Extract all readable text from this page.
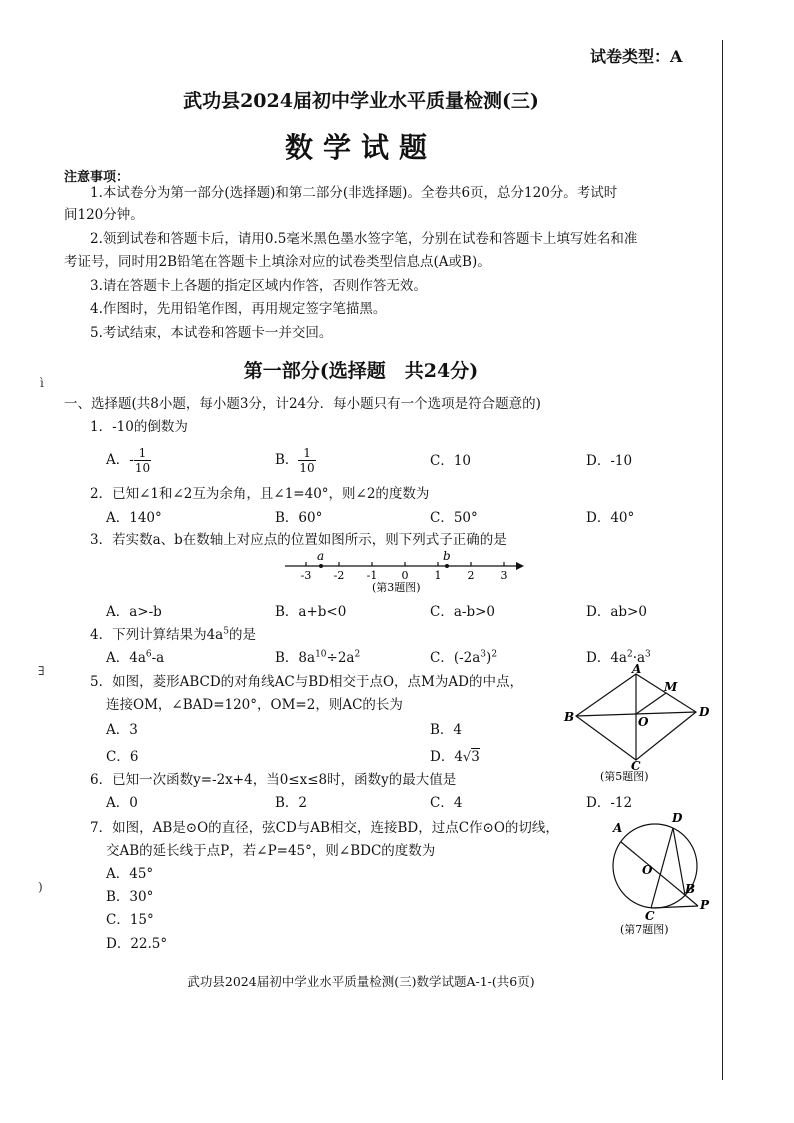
试卷类型：A
武功县2024届初中学业水平质量检测(三)
数学试题
注意事项：
1.本试卷分为第一部分(选择题)和第二部分(非选择题)。全卷共6页，总分120分。考试时
间120分钟。
2.领到试卷和答题卡后，请用0.5毫米黑色墨水签字笔，分别在试卷和答题卡上填写姓名和准
考证号，同时用2B铅笔在答题卡上填涂对应的试卷类型信息点(A或B)。
3.请在答题卡上各题的指定区域内作答，否则作答无效。
4.作图时，先用铅笔作图，再用规定签字笔描黑。
5.考试结束，本试卷和答题卡一并交回。
第一部分(选择题　共24分)
一、选择题(共8小题，每小题3分，计24分．每小题只有一个选项是符合题意的)
1．-10的倒数为
A．- $\frac{1}{10}$	B． $\frac{1}{10}$	C．10	D．-10
2．已知∠1和∠2互为余角，且∠1=40°，则∠2的度数为
A．140°	B．60°	C．50°	D．40°
3．若实数a、b在数轴上对应点的位置如图所示，则下列式子正确的是
-3 -2 -1 0 1 2 3
a	b
(第3题图)
A．a>-b	B．a+b<0	C．a-b>0	D．ab>0
4．下列计算结果为$4a^5$的是
A．$4a^6-a$	B．$8a^{10}\div 2a^2$	C．$(-2a^3)^2$	D．$4a^2\cdot a^3$
5．如图，菱形ABCD的对角线AC与BD相交于点O，点M为AD的中点，
连接OM，∠BAD=120°，OM=2，则AC的长为
A．3	B．4
C．6	D．4√3
A
B
C
D
O
M
(第5题图)
6．已知一次函数y=-2x+4，当0≤x≤8时，函数y的最大值是
A．0	B．2	C．4	D．-12
7．如图，AB是⊙O的直径，弦CD与AB相交，连接BD，过点C作⊙O的切线，
交AB的延长线于点P，若∠P=45°，则∠BDC的度数为
A．45°
B．30°
C．15°
D．22.5°
A
D
O
B
P
C
(第7题图)
武功县2024届初中学业水平质量检测(三)数学试题A-1-(共6页)
ì
∃
)
